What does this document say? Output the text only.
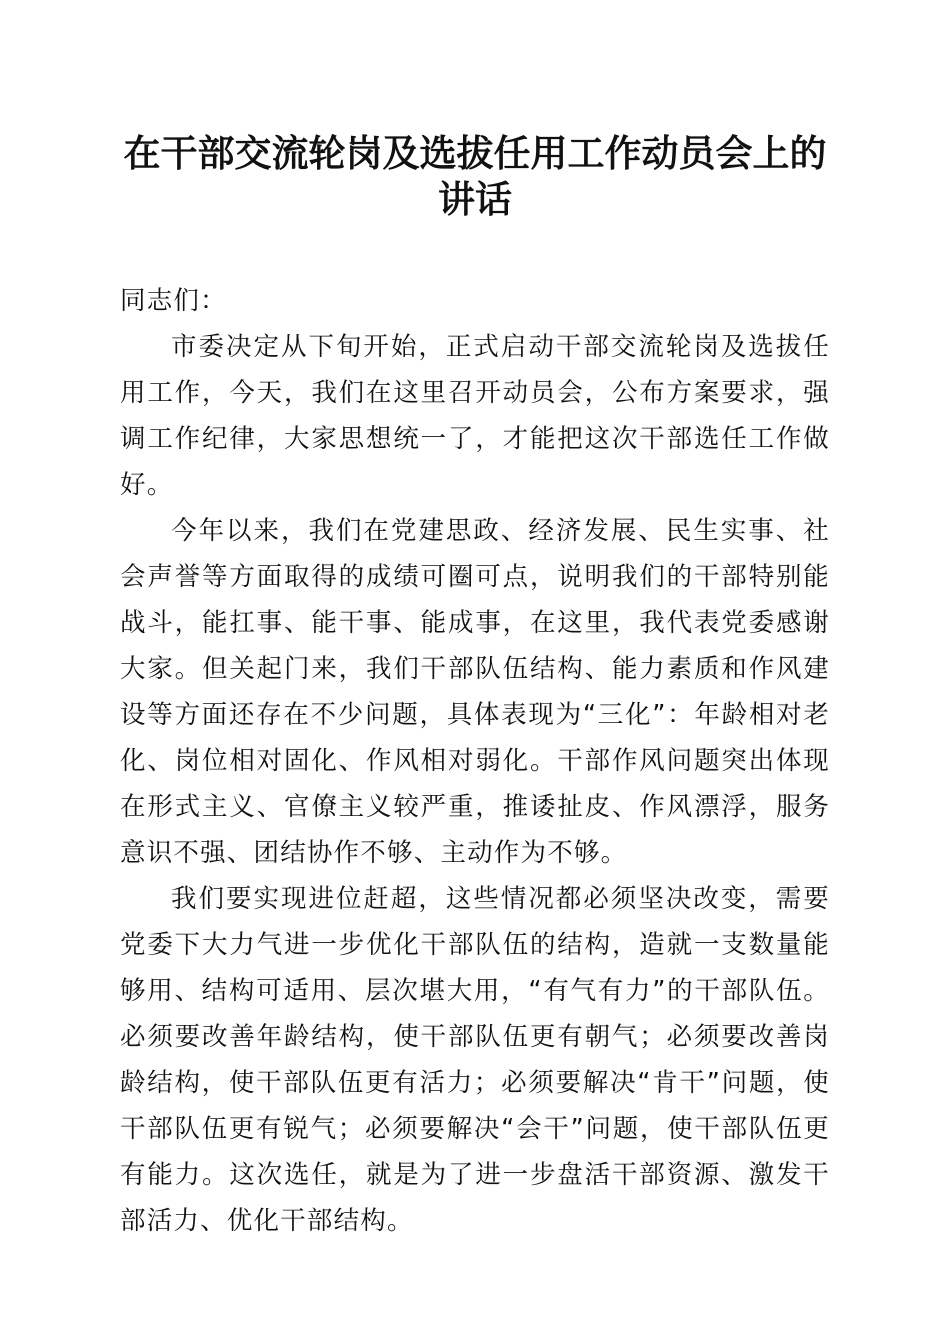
在干部交流轮岗及选拔任用工作动员会上的讲话

同志们：

市委决定从下旬开始，正式启动干部交流轮岗及选拔任用工作，今天，我们在这里召开动员会，公布方案要求，强调工作纪律，大家思想统一了，才能把这次干部选任工作做好。

今年以来，我们在党建思政、经济发展、民生实事、社会声誉等方面取得的成绩可圈可点，说明我们的干部特别能战斗，能扛事、能干事、能成事，在这里，我代表党委感谢大家。但关起门来，我们干部队伍结构、能力素质和作风建设等方面还存在不少问题，具体表现为“三化”：年龄相对老化、岗位相对固化、作风相对弱化。干部作风问题突出体现在形式主义、官僚主义较严重，推诿扯皮、作风漂浮，服务意识不强、团结协作不够、主动作为不够。

我们要实现进位赶超，这些情况都必须坚决改变，需要党委下大力气进一步优化干部队伍的结构，造就一支数量能够用、结构可适用、层次堪大用，“有气有力”的干部队伍。必须要改善年龄结构，使干部队伍更有朝气；必须要改善岗龄结构，使干部队伍更有活力；必须要解决“肯干”问题，使干部队伍更有锐气；必须要解决“会干”问题，使干部队伍更有能力。这次选任，就是为了进一步盘活干部资源、激发干部活力、优化干部结构。
